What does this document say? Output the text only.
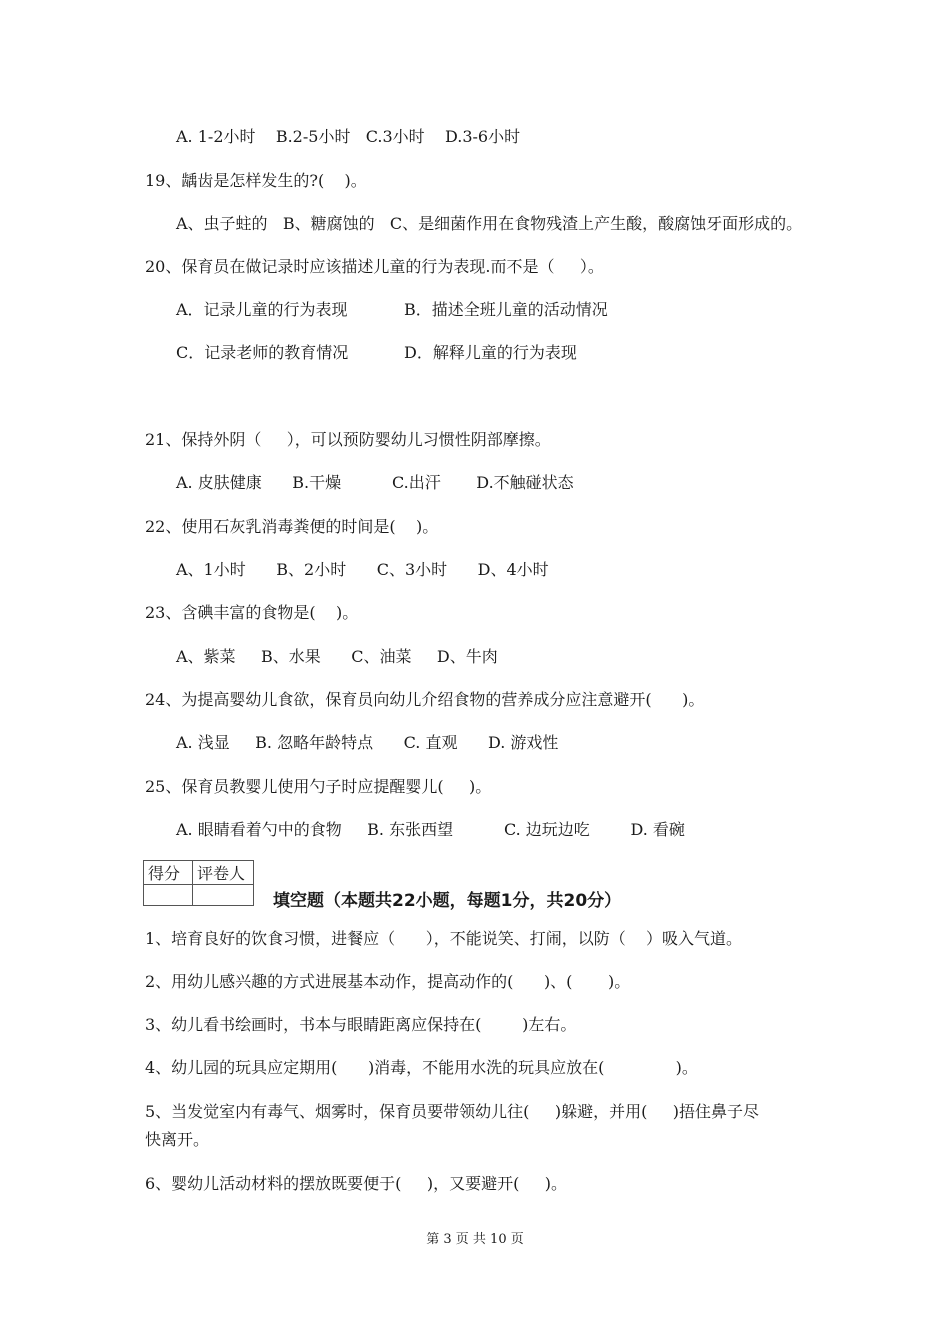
A. 1-2小时    B.2-5小时   C.3小时    D.3-6小时
19、龋齿是怎样发生的?(    )。
A、虫子蛀的   B、糖腐蚀的   C、是细菌作用在食物残渣上产生酸，酸腐蚀牙面形成的。
20、保育员在做记录时应该描述儿童的行为表现.而不是（     ）。
A．记录儿童的行为表现	B．描述全班儿童的活动情况
C．记录老师的教育情况	D．解释儿童的行为表现
21、保持外阴（     ），可以预防婴幼儿习惯性阴部摩擦。
A. 皮肤健康      B.干燥          C.出汗       D.不触碰状态
22、使用石灰乳消毒粪便的时间是(    )。
A、1小时      B、2小时      C、3小时      D、4小时
23、含碘丰富的食物是(    )。
A、紫菜     B、水果      C、油菜     D、牛肉
24、为提高婴幼儿食欲，保育员向幼儿介绍食物的营养成分应注意避开(      )。
A. 浅显     B. 忽略年龄特点      C. 直观      D. 游戏性
25、保育员教婴儿使用勺子时应提醒婴儿(     )。
A. 眼睛看着勺中的食物     B. 东张西望          C. 边玩边吃        D. 看碗
得分	评卷人

填空题（本题共22小题，每题1分，共20分）
1、培育良好的饮食习惯，进餐应（      ），不能说笑、打闹，以防（    ）吸入气道。
2、用幼儿感兴趣的方式进展基本动作，提高动作的(      )、(       )。
3、幼儿看书绘画时，书本与眼睛距离应保持在(        )左右。
4、幼儿园的玩具应定期用(      )消毒，不能用水洗的玩具应放在(              )。
5、当发觉室内有毒气、烟雾时，保育员要带领幼儿往(     )躲避，并用(     )捂住鼻子尽
快离开。
6、婴幼儿活动材料的摆放既要便于(     )，又要避开(     )。
第 3 页 共 10 页
